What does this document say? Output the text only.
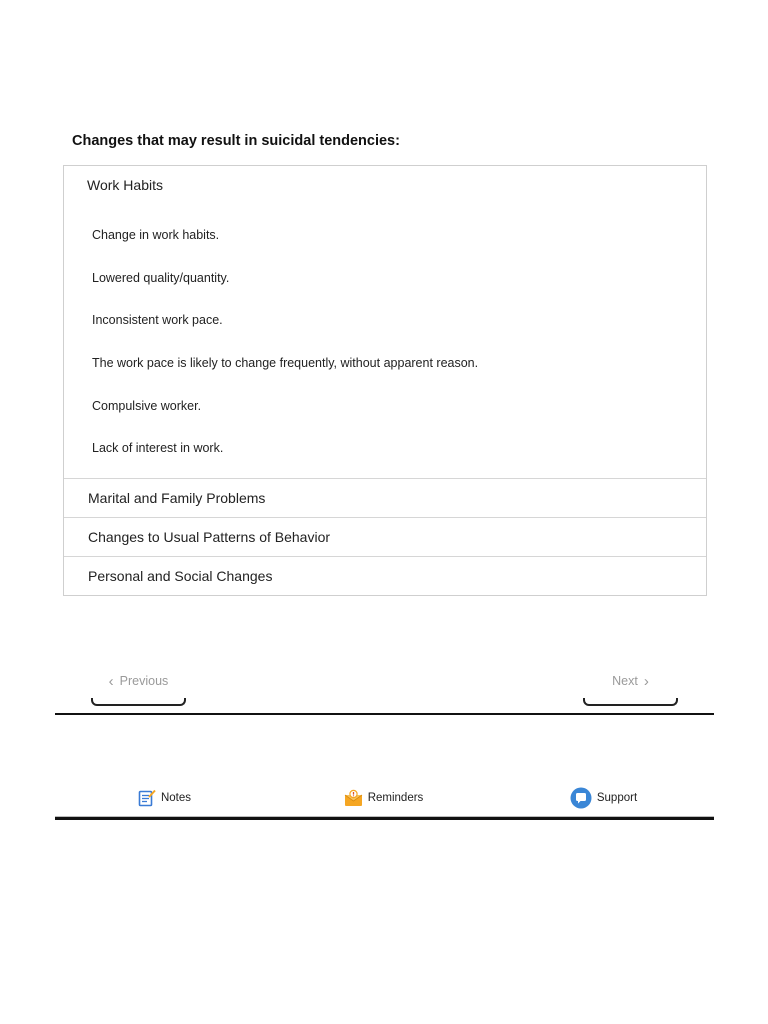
Changes that may result in suicidal tendencies:
Work Habits
Change in work habits.
Lowered quality/quantity.
Inconsistent work pace.
The work pace is likely to change frequently, without apparent reason.
Compulsive worker.
Lack of interest in work.
Marital and Family Problems
Changes to Usual Patterns of Behavior
Personal and Social Changes
‹ Previous	Next ›
Notes	Reminders	Support
